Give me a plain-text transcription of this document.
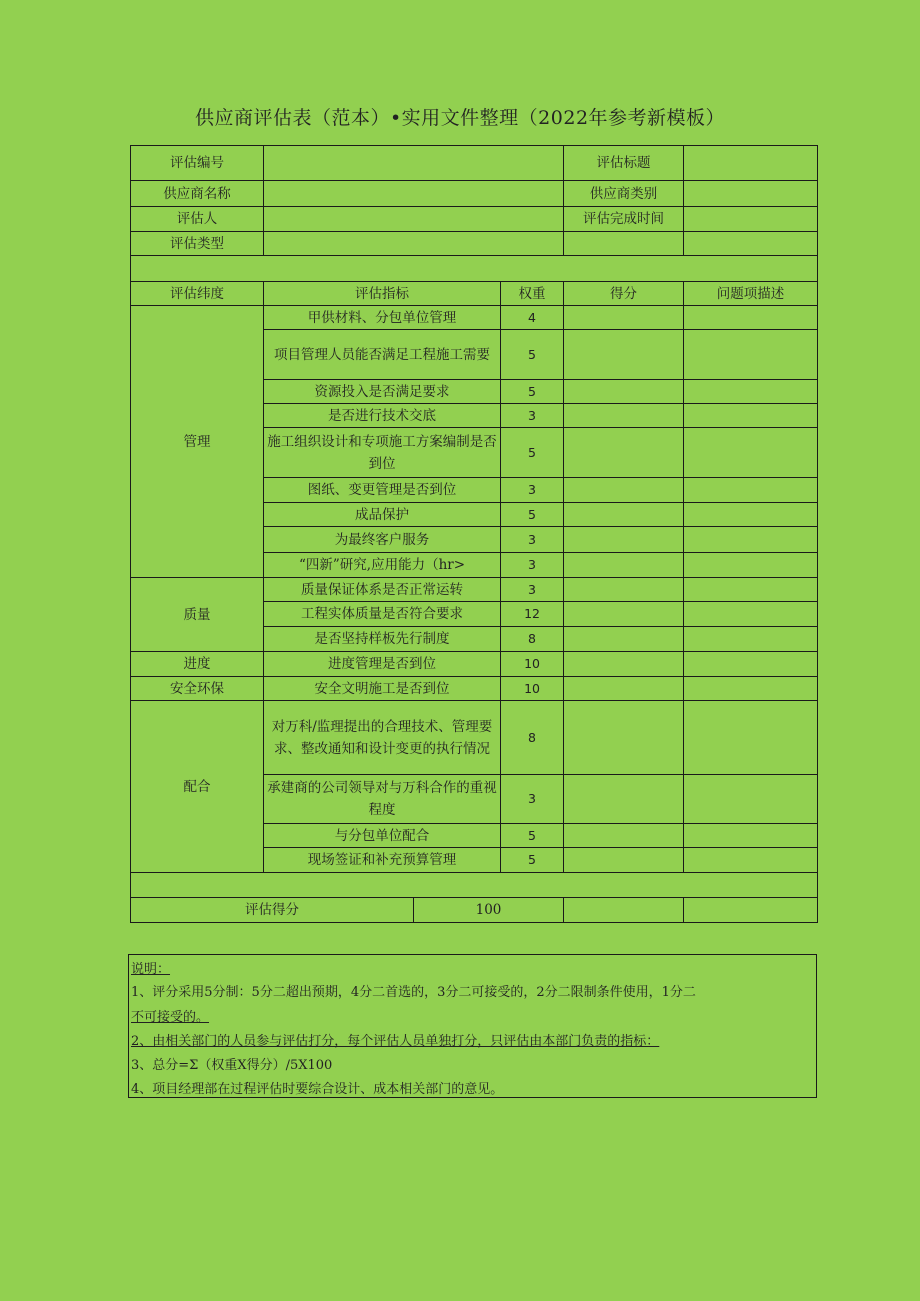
供应商评估表（范本）•实用文件整理（2022年参考新模板）
评估编号				评估标题	
供应商名称				供应商类别	
评估人				评估完成时间	
评估类型					

评估纬度	评估指标		权重	得分	问题项描述
管理	甲供材料、分包单位管理		4		
	项目管理人员能否满足工程施工需要		5		
	资源投入是否满足要求		5		
	是否进行技术交底		3		
	施工组织设计和专项施工方案编制是否到位		5		
	图纸、变更管理是否到位		3		
	成品保护		5		
	为最终客户服务		3		
	“四新”研究,应用能力（hr>		3		
质量	质量保证体系是否正常运转		3		
	工程实体质量是否符合要求		12		
	是否坚持样板先行制度		8		
进度	进度管理是否到位		10		
安全环保	安全文明施工是否到位		10		
配合	对万科/监理提出的合理技术、管理要求、整改通知和设计变更的执行情况		8		
	承建商的公司领导对与万科合作的重视程度		3		
	与分包单位配合		5		
	现场签证和补充预算管理		5		

评估得分		100			
说明：
1、评分采用5分制：5分二超出预期，4分二首选的，3分二可接受的，2分二限制条件使用，1分二
不可接受的。
2、由相关部门的人员参与评估打分，每个评估人员单独打分，只评估由本部门负责的指标：
3、总分=Σ（权重X得分）/5X100
4、项目经理部在过程评估时要综合设计、成本相关部门的意见。
